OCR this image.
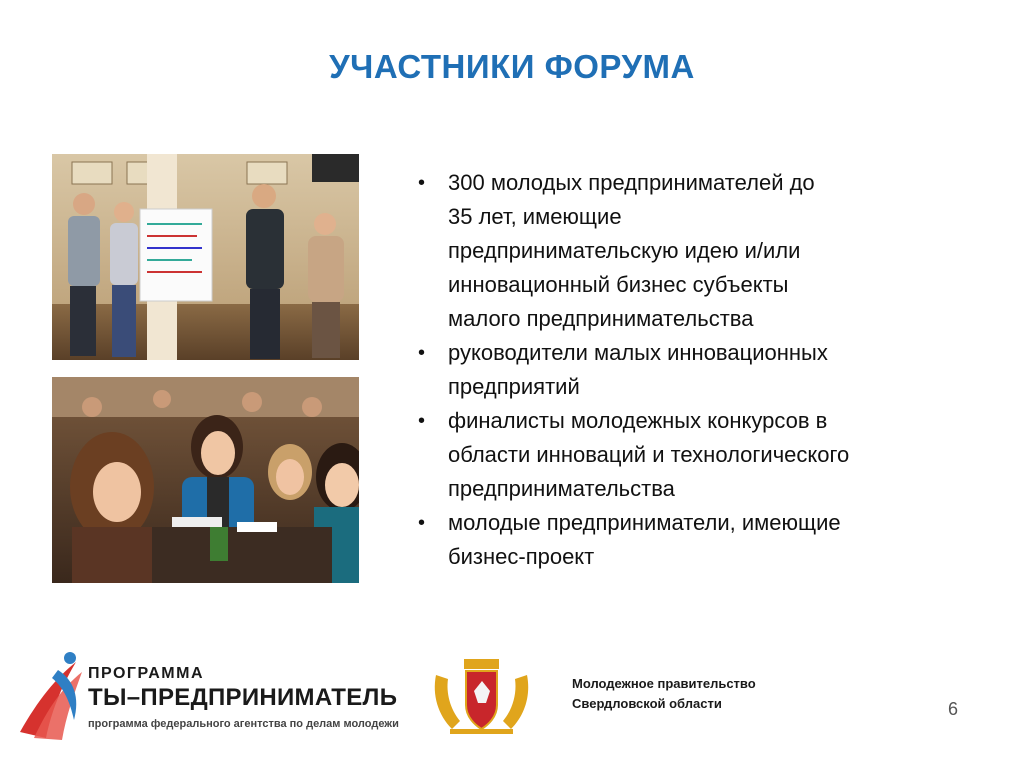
УЧАСТНИКИ ФОРУМА
• 300 молодых предпринимателей до
35 лет, имеющие
предпринимательскую идею и/или
инновационный бизнес субъекты
малого предпринимательства
• руководители малых инновационных
предприятий
• финалисты молодежных конкурсов в
области инноваций и технологического
предпринимательства
• молодые предприниматели, имеющие
бизнес-проект
ПРОГРАММА
ТЫ–ПРЕДПРИНИМАТЕЛЬ
программа федерального агентства по делам молодежи
Молодежное правительство
Свердловской области	6
